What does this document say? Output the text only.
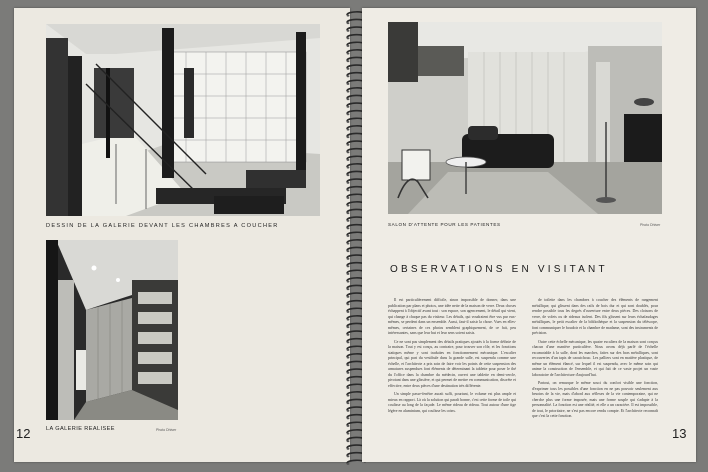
DESSIN DE LA GALERIE DEVANT LES CHAMBRES A COUCHER
LA GALERIE REALISEE	Photo Dhiver
12
SALON D'ATTENTE POUR LES PATIENTES	Photo Dhiver
OBSERVATIONS EN VISITANT

Il est particulièrement difficile, sinon impossible de donner, dans une publication par plans et photos, une idée nette de la maison de verre. Deux choses échappent à l'objectif avant tout : son espace, son agencement, le détail qui vient, qui change à chaque pas du visiteur. Les détails, qui voudraient être vus par eux-mêmes, se perdent dans un ensemble. Aussi, faut-il saisir la chose. Vues en elles-mêmes, certaines de ces photos semblent graphiquement, de ce fait, peu intéressantes, sans que leur but et leur sens soient saisis.

Ce ne sont pas simplement des détails pratiques ajoutés à la forme définie de la maison. Tout y est conçu, au contraire, pour trouver son rôle, et les fonctions statiques même y sont traduites en fonctionnement mécanique. L'escalier principal, qui part du vestibule dans la grande salle, est suspendu comme une échelle, et l'architecte a pris soin de faire voir les points de cette suspension des armatures suspendues font éléments de déterminant la tablette pour poser le thé du l'office dans la chambre du médecin, ouvert une tablette en demi-cercle, pivotant dans une glissière, et qui permet de mettre en communication, discrète et effective, entre deux pièces d'une destination très différente.

Un simple passe-fenêtre aurait suffi, pourtant, le volume est plus ample et mieux en rapport. Là où la solution qui paraît bonne, c'est cette forme de toile qui coulisse au long de la façade. Le même rideau de rideau. Tout autour d'une tige légère en aluminium, qui coulisse les coins.

de toilette dans les chambres à coucher des éléments de rangement métallique, qui glissent dans des rails de bois dur et qui sont doublés, pour rendre possible tous les degrés d'ouverture entre deux pièces. Des cloisons de verre, de volets ou de rideaux isolent. Des fils glissent sur leurs échafaudages métalliques, le petit escalier de la bibliothèque et la suspension du téléscope, font communiquer le boudoir et la chambre de madame, sont des instruments de précision.

Outre cette échelle mécanique, les quatre escaliers de la maison sont conçus chacun d'une manière particulière. Nous avons déjà parlé de l'échelle escamotable à la salle, dont les marches, faites sur des bras métalliques, sont recouvertes d'un tapis de caoutchouc. Les palliers sont en matière plastique, de même un élément élancé, sur lequel il est suspendu, avec le même soin qui anime la construction de l'ensemble, et qui fait de ce vaste projet un vaste laboratoire de l'architecture d'aujourd'hui.

Partout, on remarque le même souci du confort visible une fonction, d'exprimer tous les possibles d'une fonction en ne pas pouvoir seulement aux besoins de la vie, mais d'abord aux réflexes de la vie contemporaine, qui ne cherche plus une forme imposée, mais une forme souple qui s'adapte à la personnalité. La fonction est une réalité, et elle a un caractère. Il est impossible, de tout, le prioritaire, ne s'est pas encore rendu compte. Et l'architecte reconnaît que c'est la cette fonction.

13
